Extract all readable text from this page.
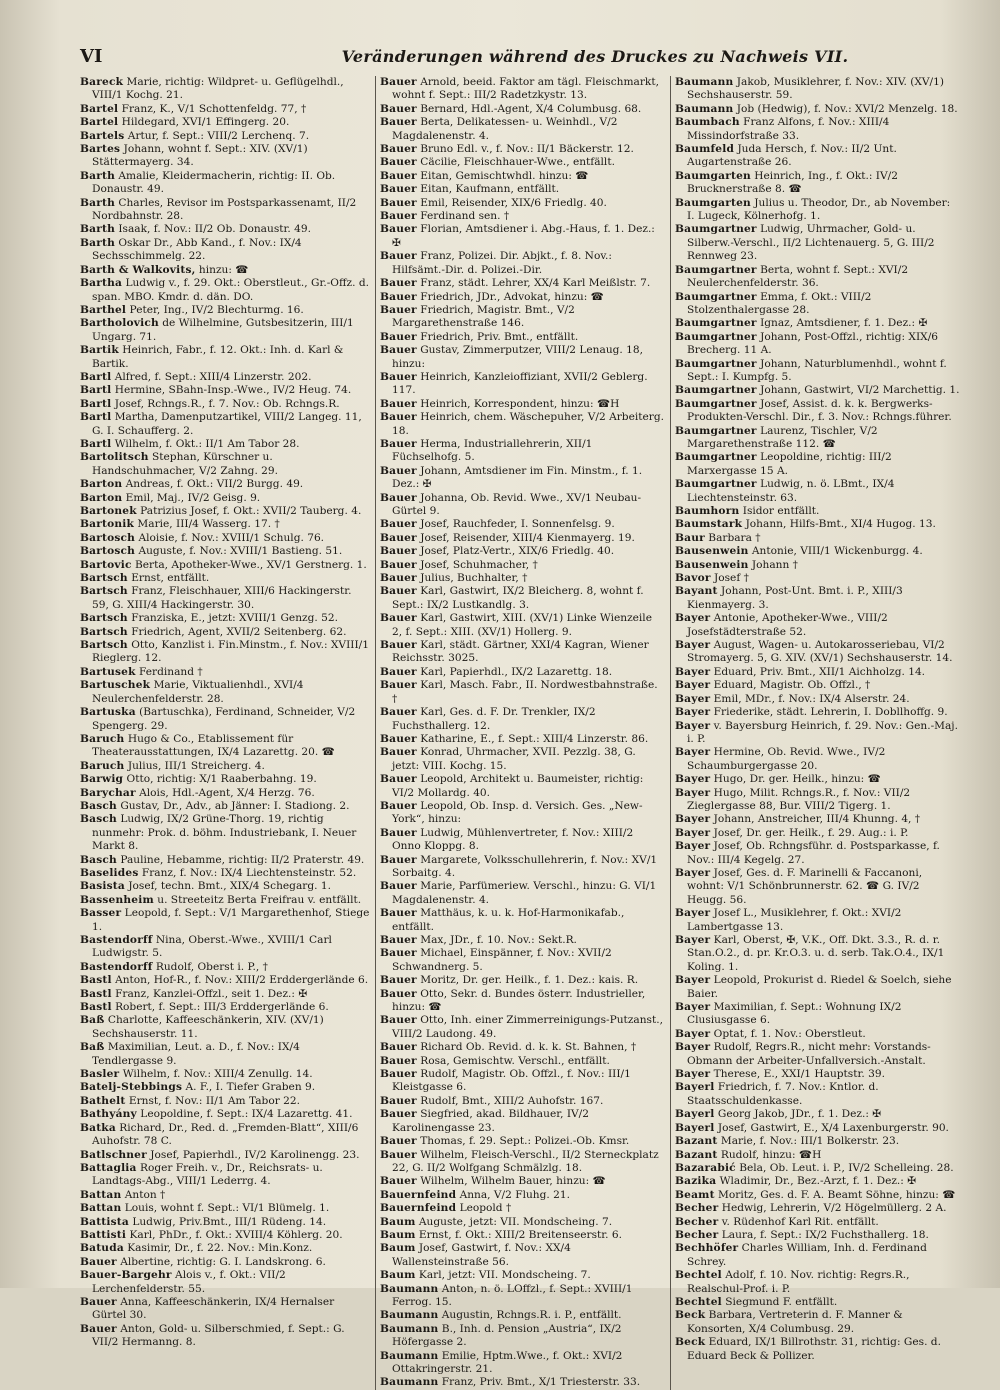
VI	Veränderungen während des Druckes zu Nachweis VII.

Bareck Marie, richtig: Wildpret- u. Geflügelhdl., VIII/1 Kochg. 21.

Bartel Franz, K., V/1 Schottenfeldg. 77, †

Bartel Hildegard, XVI/1 Effingerg. 20.

Bartels Artur, f. Sept.: VIII/2 Lerchenq. 7.

Bartes Johann, wohnt f. Sept.: XIV. (XV/1) Stättermayerg. 34.

Barth Amalie, Kleidermacherin, richtig: II. Ob. Donaustr. 49.

Barth Charles, Revisor im Postsparkassenamt, II/2 Nordbahnstr. 28.

Barth Isaak, f. Nov.: II/2 Ob. Donaustr. 49.

Barth Oskar Dr., Abb Kand., f. Nov.: IX/4 Sechsschimmelg. 22.

Barth & Walkovits, hinzu: ☎

Bartha Ludwig v., f. 29. Okt.: Oberstleut., Gr.-Offz. d. span. MBO. Kmdr. d. dän. DO.

Barthel Peter, Ing., IV/2 Blechturmg. 16.

Bartholovich de Wilhelmine, Gutsbesitzerin, III/1 Ungarg. 71.

Bartik Heinrich, Fabr., f. 12. Okt.: Inh. d. Karl & Bartik.

Bartl Alfred, f. Sept.: XIII/4 Linzerstr. 202.

Bartl Hermine, SBahn-Insp.-Wwe., IV/2 Heug. 74.

Bartl Josef, Rchngs.R., f. 7. Nov.: Ob. Rchngs.R.

Bartl Martha, Damenputzartikel, VIII/2 Langeg. 11, G. I. Schaufferg. 2.

Bartl Wilhelm, f. Okt.: II/1 Am Tabor 28.

Bartolitsch Stephan, Kürschner u. Handschuhmacher, V/2 Zahng. 29.

Barton Andreas, f. Okt.: VII/2 Burgg. 49.

Barton Emil, Maj., IV/2 Geisg. 9.

Bartonek Patrizius Josef, f. Okt.: XVII/2 Tauberg. 4.

Bartonik Marie, III/4 Wasserg. 17. †

Bartosch Aloisie, f. Nov.: XVIII/1 Schulg. 76.

Bartosch Auguste, f. Nov.: XVIII/1 Bastieng. 51.

Bartovic Berta, Apotheker-Wwe., XV/1 Gerstnerg. 1.

Bartsch Ernst, entfällt.

Bartsch Franz, Fleischhauer, XIII/6 Hackingerstr. 59, G. XIII/4 Hackingerstr. 30.

Bartsch Franziska, E., jetzt: XVIII/1 Genzg. 52.

Bartsch Friedrich, Agent, XVII/2 Seitenberg. 62.

Bartsch Otto, Kanzlist i. Fin.Minstm., f. Nov.: XVIII/1 Rieglerg. 12.

Bartusek Ferdinand †

Bartuschek Marie, Viktualienhdl., XVI/4 Neulerchenfelderstr. 28.

Bartuska (Bartuschka), Ferdinand, Schneider, V/2 Spengerg. 29.

Baruch Hugo & Co., Etablissement für Theaterausstattungen, IX/4 Lazarettg. 20. ☎

Baruch Julius, III/1 Streicherg. 4.

Barwig Otto, richtig: X/1 Raaberbahng. 19.

Barychar Alois, Hdl.-Agent, X/4 Herzg. 76.

Basch Gustav, Dr., Adv., ab Jänner: I. Stadiong. 2.

Basch Ludwig, IX/2 Grüne-Thorg. 19, richtig nunmehr: Prok. d. böhm. Industriebank, I. Neuer Markt 8.

Basch Pauline, Hebamme, richtig: II/2 Praterstr. 49.

Baselides Franz, f. Nov.: IX/4 Liechtensteinstr. 52.

Basista Josef, techn. Bmt., XIX/4 Schegarg. 1.

Bassenheim u. Streeteitz Berta Freifrau v. entfällt.

Basser Leopold, f. Sept.: V/1 Margarethenhof, Stiege 1.

Bastendorff Nina, Oberst.-Wwe., XVIII/1 Carl Ludwigstr. 5.

Bastendorff Rudolf, Oberst i. P., †

Bastl Anton, Hof-R., f. Nov.: XIII/2 Erddergerlände 6.

Bastl Franz, Kanzlei-Offzl., seit 1. Dez.: ✠

Bastl Robert, f. Sept.: III/3 Erddergerlände 6.

Baß Charlotte, Kaffeeschänkerin, XIV. (XV/1) Sechshauserstr. 11.

Baß Maximilian, Leut. a. D., f. Nov.: IX/4 Tendlergasse 9.

Basler Wilhelm, f. Nov.: XIII/4 Zenullg. 14.

Batelj-Stebbings A. F., I. Tiefer Graben 9.

Bathelt Ernst, f. Nov.: II/1 Am Tabor 22.

Bathyány Leopoldine, f. Sept.: IX/4 Lazarettg. 41.

Batka Richard, Dr., Red. d. „Fremden-Blatt“, XIII/6 Auhofstr. 78 C.

Batlschner Josef, Papierhdl., IV/2 Karolinengg. 23.

Battaglia Roger Freih. v., Dr., Reichsrats- u. Landtags-Abg., VIII/1 Lederrg. 4.

Battan Anton †

Battan Louis, wohnt f. Sept.: VI/1 Blümelg. 1.

Battista Ludwig, Priv.Bmt., III/1 Rüdeng. 14.

Battisti Karl, PhDr., f. Okt.: XVIII/4 Köhlerg. 20.

Batuda Kasimir, Dr., f. 22. Nov.: Min.Konz.

Bauer Albertine, richtig: G. I. Landskrong. 6.

Bauer-Bargehr Alois v., f. Okt.: VII/2 Lerchenfelderstr. 55.

Bauer Anna, Kaffeeschänkerin, IX/4 Hernalser Gürtel 30.

Bauer Anton, Gold- u. Silberschmied, f. Sept.: G. VII/2 Hermanng. 8.

Bauer Arnold, beeid. Faktor am tägl. Fleischmarkt, wohnt f. Sept.: III/2 Radetzkystr. 13.

Bauer Bernard, Hdl.-Agent, X/4 Columbusg. 68.

Bauer Berta, Delikatessen- u. Weinhdl., V/2 Magdalenenstr. 4.

Bauer Bruno Edl. v., f. Nov.: II/1 Bäckerstr. 12.

Bauer Cäcilie, Fleischhauer-Wwe., entfällt.

Bauer Eitan, Gemischtwhdl. hinzu: ☎

Bauer Eitan, Kaufmann, entfällt.

Bauer Emil, Reisender, XIX/6 Friedlg. 40.

Bauer Ferdinand sen. †

Bauer Florian, Amtsdiener i. Abg.-Haus, f. 1. Dez.: ✠

Bauer Franz, Polizei. Dir. Abjkt., f. 8. Nov.: Hilfsämt.-Dir. d. Polizei.-Dir.

Bauer Franz, städt. Lehrer, XX/4 Karl Meißlstr. 7.

Bauer Friedrich, JDr., Advokat, hinzu: ☎

Bauer Friedrich, Magistr. Bmt., V/2 Margarethenstraße 146.

Bauer Friedrich, Priv. Bmt., entfällt.

Bauer Gustav, Zimmerputzer, VIII/2 Lenaug. 18, hinzu:

Bauer Heinrich, Kanzleioffiziant, XVII/2 Geblerg. 117.

Bauer Heinrich, Korrespondent, hinzu: ☎H

Bauer Heinrich, chem. Wäschepuher, V/2 Arbeiterg. 18.

Bauer Herma, Industriallehrerin, XII/1 Füchselhofg. 5.

Bauer Johann, Amtsdiener im Fin. Minstm., f. 1. Dez.: ✠

Bauer Johanna, Ob. Revid. Wwe., XV/1 Neubau-Gürtel 9.

Bauer Josef, Rauchfeder, I. Sonnenfelsg. 9.

Bauer Josef, Reisender, XIII/4 Kienmayerg. 19.

Bauer Josef, Platz-Vertr., XIX/6 Friedlg. 40.

Bauer Josef, Schuhmacher, †

Bauer Julius, Buchhalter, †

Bauer Karl, Gastwirt, IX/2 Bleicherg. 8, wohnt f. Sept.: IX/2 Lustkandlg. 3.

Bauer Karl, Gastwirt, XIII. (XV/1) Linke Wienzeile 2, f. Sept.: XIII. (XV/1) Hollerg. 9.

Bauer Karl, städt. Gärtner, XXI/4 Kagran, Wiener Reichsstr. 3025.

Bauer Karl, Papierhdl., IX/2 Lazarettg. 18.

Bauer Karl, Masch. Fabr., II. Nordwestbahnstraße. †

Bauer Karl, Ges. d. F. Dr. Trenkler, IX/2 Fuchsthallerg. 12.

Bauer Katharine, E., f. Sept.: XIII/4 Linzerstr. 86.

Bauer Konrad, Uhrmacher, XVII. Pezzlg. 38, G. jetzt: VIII. Kochg. 15.

Bauer Leopold, Architekt u. Baumeister, richtig: VI/2 Mollardg. 40.

Bauer Leopold, Ob. Insp. d. Versich. Ges. „New-York“, hinzu:

Bauer Ludwig, Mühlenvertreter, f. Nov.: XIII/2 Onno Kloppg. 8.

Bauer Margarete, Volksschullehrerin, f. Nov.: XV/1 Sorbaitg. 4.

Bauer Marie, Parfümeriew. Verschl., hinzu: G. VI/1 Magdalenenstr. 4.

Bauer Matthäus, k. u. k. Hof-Harmonikafab., entfällt.

Bauer Max, JDr., f. 10. Nov.: Sekt.R.

Bauer Michael, Einspänner, f. Nov.: XVII/2 Schwandnerg. 5.

Bauer Moritz, Dr. ger. Heilk., f. 1. Dez.: kais. R.

Bauer Otto, Sekr. d. Bundes österr. Industrieller, hinzu: ☎

Bauer Otto, Inh. einer Zimmerreinigungs-Putzanst., VIII/2 Laudong. 49.

Bauer Richard Ob. Revid. d. k. k. St. Bahnen, †

Bauer Rosa, Gemischtw. Verschl., entfällt.

Bauer Rudolf, Magistr. Ob. Offzl., f. Nov.: III/1 Kleistgasse 6.

Bauer Rudolf, Bmt., XIII/2 Auhofstr. 167.

Bauer Siegfried, akad. Bildhauer, IV/2 Karolinengasse 23.

Bauer Thomas, f. 29. Sept.: Polizei.-Ob. Kmsr.

Bauer Wilhelm, Fleisch-Verschl., II/2 Sterneckplatz 22, G. II/2 Wolfgang Schmälzlg. 18.

Bauer Wilhelm, Wilhelm Bauer, hinzu: ☎

Bauernfeind Anna, V/2 Fluhg. 21.

Bauernfeind Leopold †

Baum Auguste, jetzt: VII. Mondscheing. 7.

Baum Ernst, f. Okt.: XIII/2 Breitenseerstr. 6.

Baum Josef, Gastwirt, f. Nov.: XX/4 Wallensteinstraße 56.

Baum Karl, jetzt: VII. Mondscheing. 7.

Baumann Anton, n. ö. LOffzl., f. Sept.: XVIII/1 Ferrog. 15.

Baumann Augustin, Rchngs.R. i. P., entfällt.

Baumann B., Inh. d. Pension „Austria“, IX/2 Höfergasse 2.

Baumann Emilie, Hptm.Wwe., f. Okt.: XVI/2 Ottakringerstr. 21.

Baumann Franz, Priv. Bmt., X/1 Triesterstr. 33.

Baumann Jakob, Musiklehrer, f. Nov.: XIV. (XV/1) Sechshauserstr. 59.

Baumann Job (Hedwig), f. Nov.: XVI/2 Menzelg. 18.

Baumbach Franz Alfons, f. Nov.: XIII/4 Missindorfstraße 33.

Baumfeld Juda Hersch, f. Nov.: II/2 Unt. Augartenstraße 26.

Baumgarten Heinrich, Ing., f. Okt.: IV/2 Brucknerstraße 8. ☎

Baumgarten Julius u. Theodor, Dr., ab November: I. Lugeck, Kölnerhofg. 1.

Baumgartner Ludwig, Uhrmacher, Gold- u. Silberw.-Verschl., II/2 Lichtenauerg. 5, G. III/2 Rennweg 23.

Baumgartner Berta, wohnt f. Sept.: XVI/2 Neulerchenfelderstr. 36.

Baumgartner Emma, f. Okt.: VIII/2 Stolzenthalergasse 28.

Baumgartner Ignaz, Amtsdiener, f. 1. Dez.: ✠

Baumgartner Johann, Post-Offzl., richtig: XIX/6 Brecherg. 11 A.

Baumgartner Johann, Naturblumenhdl., wohnt f. Sept.: I. Kumpfg. 5.

Baumgartner Johann, Gastwirt, VI/2 Marchettig. 1.

Baumgartner Josef, Assist. d. k. k. Bergwerks-Produkten-Verschl. Dir., f. 3. Nov.: Rchngs.führer.

Baumgartner Laurenz, Tischler, V/2 Margarethenstraße 112. ☎

Baumgartner Leopoldine, richtig: III/2 Marxergasse 15 A.

Baumgartner Ludwig, n. ö. LBmt., IX/4 Liechtensteinstr. 63.

Baumhorn Isidor entfällt.

Baumstark Johann, Hilfs-Bmt., XI/4 Hugog. 13.

Baur Barbara †

Bausenwein Antonie, VIII/1 Wickenburgg. 4.

Bausenwein Johann †

Bavor Josef †

Bayant Johann, Post-Unt. Bmt. i. P., XIII/3 Kienmayerg. 3.

Bayer Antonie, Apotheker-Wwe., VIII/2 Josefstädterstraße 52.

Bayer August, Wagen- u. Autokarosseriebau, VI/2 Stromayerg. 5, G. XIV. (XV/1) Sechshauserstr. 14.

Bayer Eduard, Priv. Bmt., XII/1 Aichholzg. 14.

Bayer Eduard, Magistr. Ob. Offzl., †

Bayer Emil, MDr., f. Nov.: IX/4 Alserstr. 24.

Bayer Friederike, städt. Lehrerin, I. Dobllhoffg. 9.

Bayer v. Bayersburg Heinrich, f. 29. Nov.: Gen.-Maj. i. P.

Bayer Hermine, Ob. Revid. Wwe., IV/2 Schaumburgergasse 20.

Bayer Hugo, Dr. ger. Heilk., hinzu: ☎

Bayer Hugo, Milit. Rchngs.R., f. Nov.: VII/2 Zieglergasse 88, Bur. VIII/2 Tigerg. 1.

Bayer Johann, Anstreicher, III/4 Khunng. 4, †

Bayer Josef, Dr. ger. Heilk., f. 29. Aug.: i. P.

Bayer Josef, Ob. Rchngsführ. d. Postsparkasse, f. Nov.: III/4 Kegelg. 27.

Bayer Josef, Ges. d. F. Marinelli & Faccanoni, wohnt: V/1 Schönbrunnerstr. 62. ☎ G. IV/2 Heugg. 56.

Bayer Josef L., Musiklehrer, f. Okt.: XVI/2 Lambertgasse 13.

Bayer Karl, Oberst, ✠, V.K., Off. Dkt. 3.3., R. d. r. Stan.O.2., d. pr. Kr.O.3. u. d. serb. Tak.O.4., IX/1 Koling. 1.

Bayer Leopold, Prokurist d. Riedel & Soelch, siehe Baier.

Bayer Maximilian, f. Sept.: Wohnung IX/2 Clusiusgasse 6.

Bayer Optat, f. 1. Nov.: Oberstleut.

Bayer Rudolf, Regrs.R., nicht mehr: Vorstands-Obmann der Arbeiter-Unfallversich.-Anstalt.

Bayer Therese, E., XXI/1 Hauptstr. 39.

Bayerl Friedrich, f. 7. Nov.: Kntlor. d. Staatsschuldenkasse.

Bayerl Georg Jakob, JDr., f. 1. Dez.: ✠

Bayerl Josef, Gastwirt, E., X/4 Laxenburgerstr. 90.

Bazant Marie, f. Nov.: III/1 Bolkerstr. 23.

Bazant Rudolf, hinzu: ☎H

Bazarabić Bela, Ob. Leut. i. P., IV/2 Schelleing. 28.

Bazika Wladimir, Dr., Bez.-Arzt, f. 1. Dez.: ✠

Beamt Moritz, Ges. d. F. A. Beamt Söhne, hinzu: ☎

Becher Hedwig, Lehrerin, V/2 Högelmüllerg. 2 A.

Becher v. Rüdenhof Karl Rit. entfällt.

Becher Laura, f. Sept.: IX/2 Fuchsthallerg. 18.

Bechhöfer Charles William, Inh. d. Ferdinand Schrey.

Bechtel Adolf, f. 10. Nov. richtig: Regrs.R., Realschul-Prof. i. P.

Bechtel Siegmund F. entfällt.

Beck Barbara, Vertreterin d. F. Manner & Konsorten, X/4 Columbusg. 29.

Beck Eduard, IX/1 Billrothstr. 31, richtig: Ges. d. Eduard Beck & Pollizer.
